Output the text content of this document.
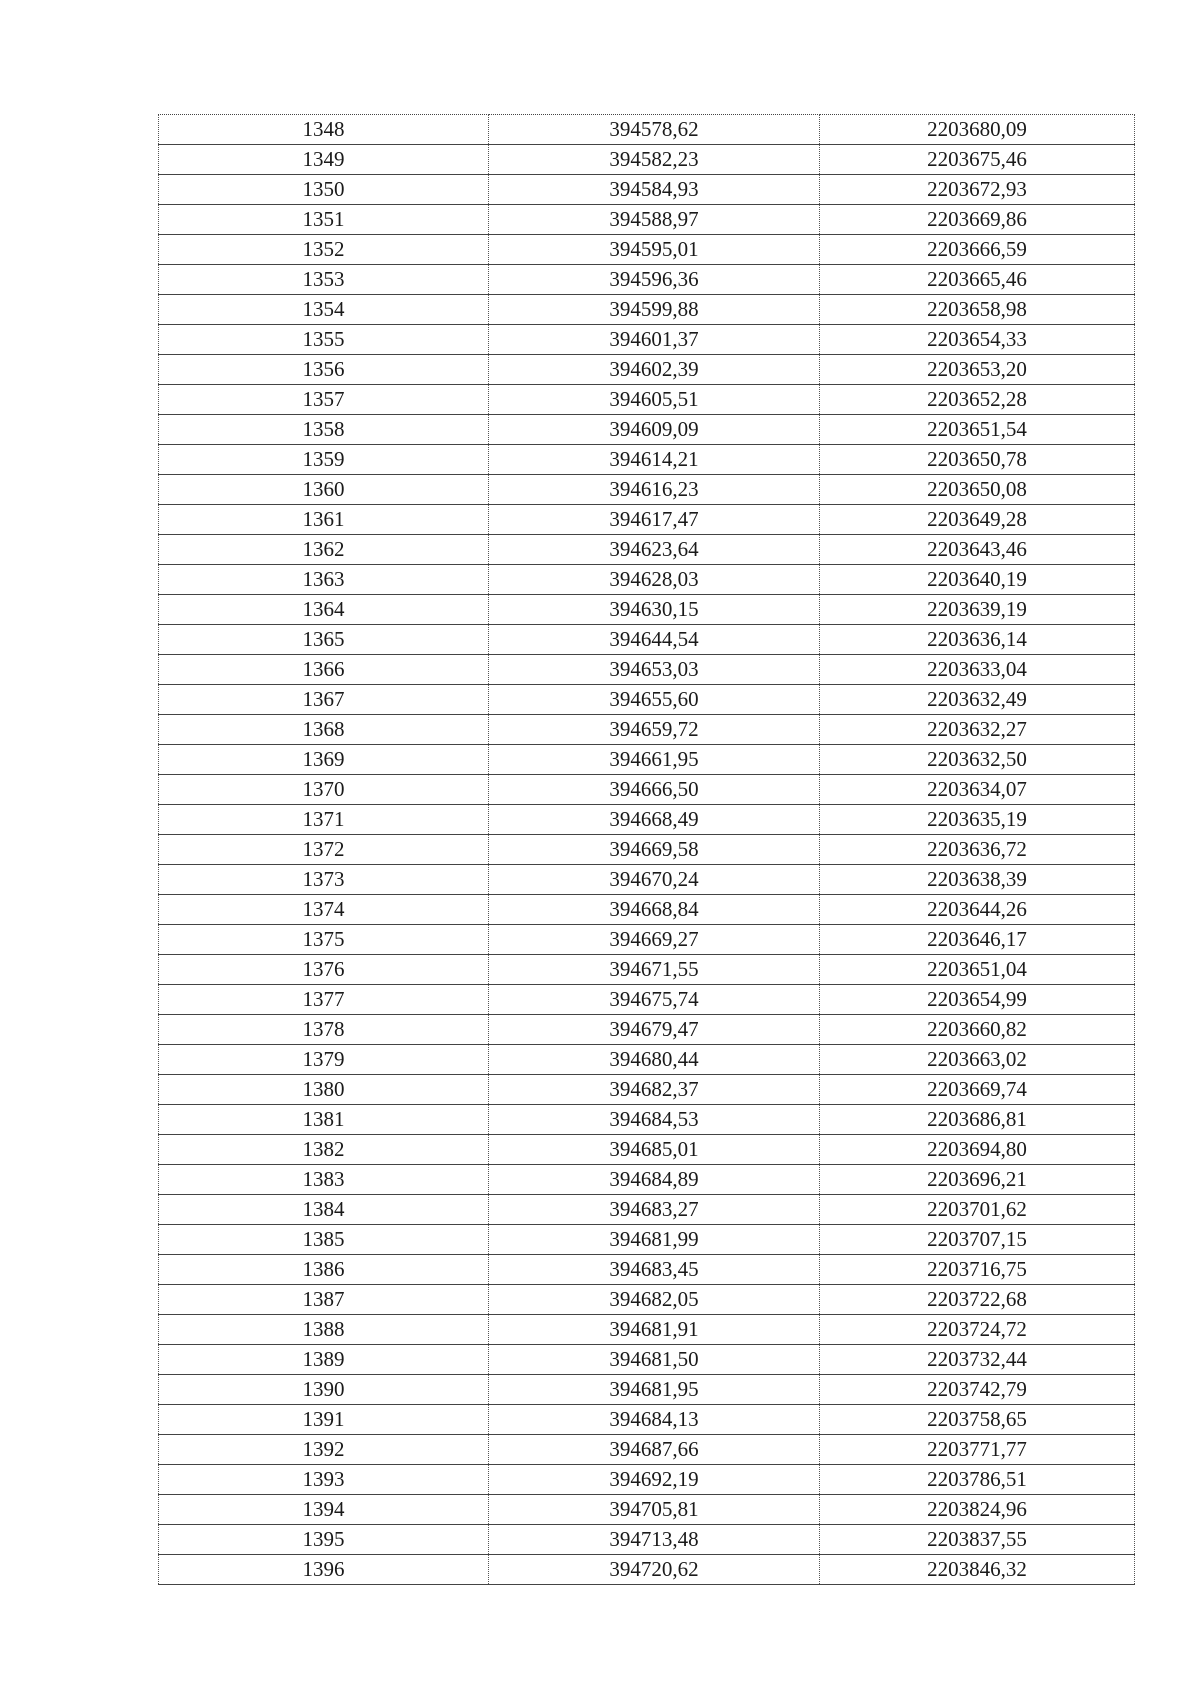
1348	394578,62	2203680,09
1349	394582,23	2203675,46
1350	394584,93	2203672,93
1351	394588,97	2203669,86
1352	394595,01	2203666,59
1353	394596,36	2203665,46
1354	394599,88	2203658,98
1355	394601,37	2203654,33
1356	394602,39	2203653,20
1357	394605,51	2203652,28
1358	394609,09	2203651,54
1359	394614,21	2203650,78
1360	394616,23	2203650,08
1361	394617,47	2203649,28
1362	394623,64	2203643,46
1363	394628,03	2203640,19
1364	394630,15	2203639,19
1365	394644,54	2203636,14
1366	394653,03	2203633,04
1367	394655,60	2203632,49
1368	394659,72	2203632,27
1369	394661,95	2203632,50
1370	394666,50	2203634,07
1371	394668,49	2203635,19
1372	394669,58	2203636,72
1373	394670,24	2203638,39
1374	394668,84	2203644,26
1375	394669,27	2203646,17
1376	394671,55	2203651,04
1377	394675,74	2203654,99
1378	394679,47	2203660,82
1379	394680,44	2203663,02
1380	394682,37	2203669,74
1381	394684,53	2203686,81
1382	394685,01	2203694,80
1383	394684,89	2203696,21
1384	394683,27	2203701,62
1385	394681,99	2203707,15
1386	394683,45	2203716,75
1387	394682,05	2203722,68
1388	394681,91	2203724,72
1389	394681,50	2203732,44
1390	394681,95	2203742,79
1391	394684,13	2203758,65
1392	394687,66	2203771,77
1393	394692,19	2203786,51
1394	394705,81	2203824,96
1395	394713,48	2203837,55
1396	394720,62	2203846,32
